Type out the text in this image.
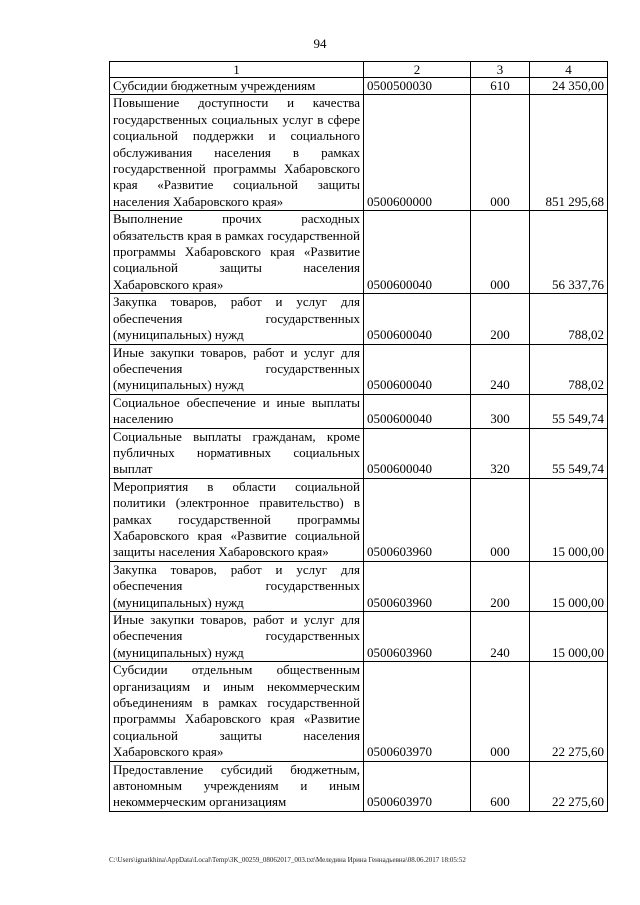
94
1	2	3	4
Субсидии бюджетным учреждениям	0500500030	610	24 350,00
Повышение доступности и качества государственных социальных услуг в сфере социальной поддержки и социального обслуживания населения в рамках государственной программы Хабаровского края «Развитие социальной защиты населения Хабаровского края»	0500600000	000	851 295,68
Выполнение прочих расходных обязательств края в рамках государственной программы Хабаровского края «Развитие социальной защиты населения Хабаровского края»	0500600040	000	56 337,76
Закупка товаров, работ и услуг для обеспечения государственных (муниципальных) нужд	0500600040	200	788,02
Иные закупки товаров, работ и услуг для обеспечения государственных (муниципальных) нужд	0500600040	240	788,02
Социальное обеспечение и иные выплаты населению	0500600040	300	55 549,74
Социальные выплаты гражданам, кроме публичных нормативных социальных выплат	0500600040	320	55 549,74
Мероприятия в области социальной политики (электронное правительство) в рамках государственной программы Хабаровского края «Развитие социальной защиты населения Хабаровского края»	0500603960	000	15 000,00
Закупка товаров, работ и услуг для обеспечения государственных (муниципальных) нужд	0500603960	200	15 000,00
Иные закупки товаров, работ и услуг для обеспечения государственных (муниципальных) нужд	0500603960	240	15 000,00
Субсидии отдельным общественным организациям и иным некоммерческим объединениям в рамках государственной программы Хабаровского края «Развитие социальной защиты населения Хабаровского края»	0500603970	000	22 275,60
Предоставление субсидий бюджетным, автономным учреждениям и иным некоммерческим организациям	0500603970	600	22 275,60
C:\Users\ignatkhina\AppData\Local\Temp\3K_00259_08062017_003.txt\Меледина Ирина Геннадьевна\08.06.2017 18:05:52
